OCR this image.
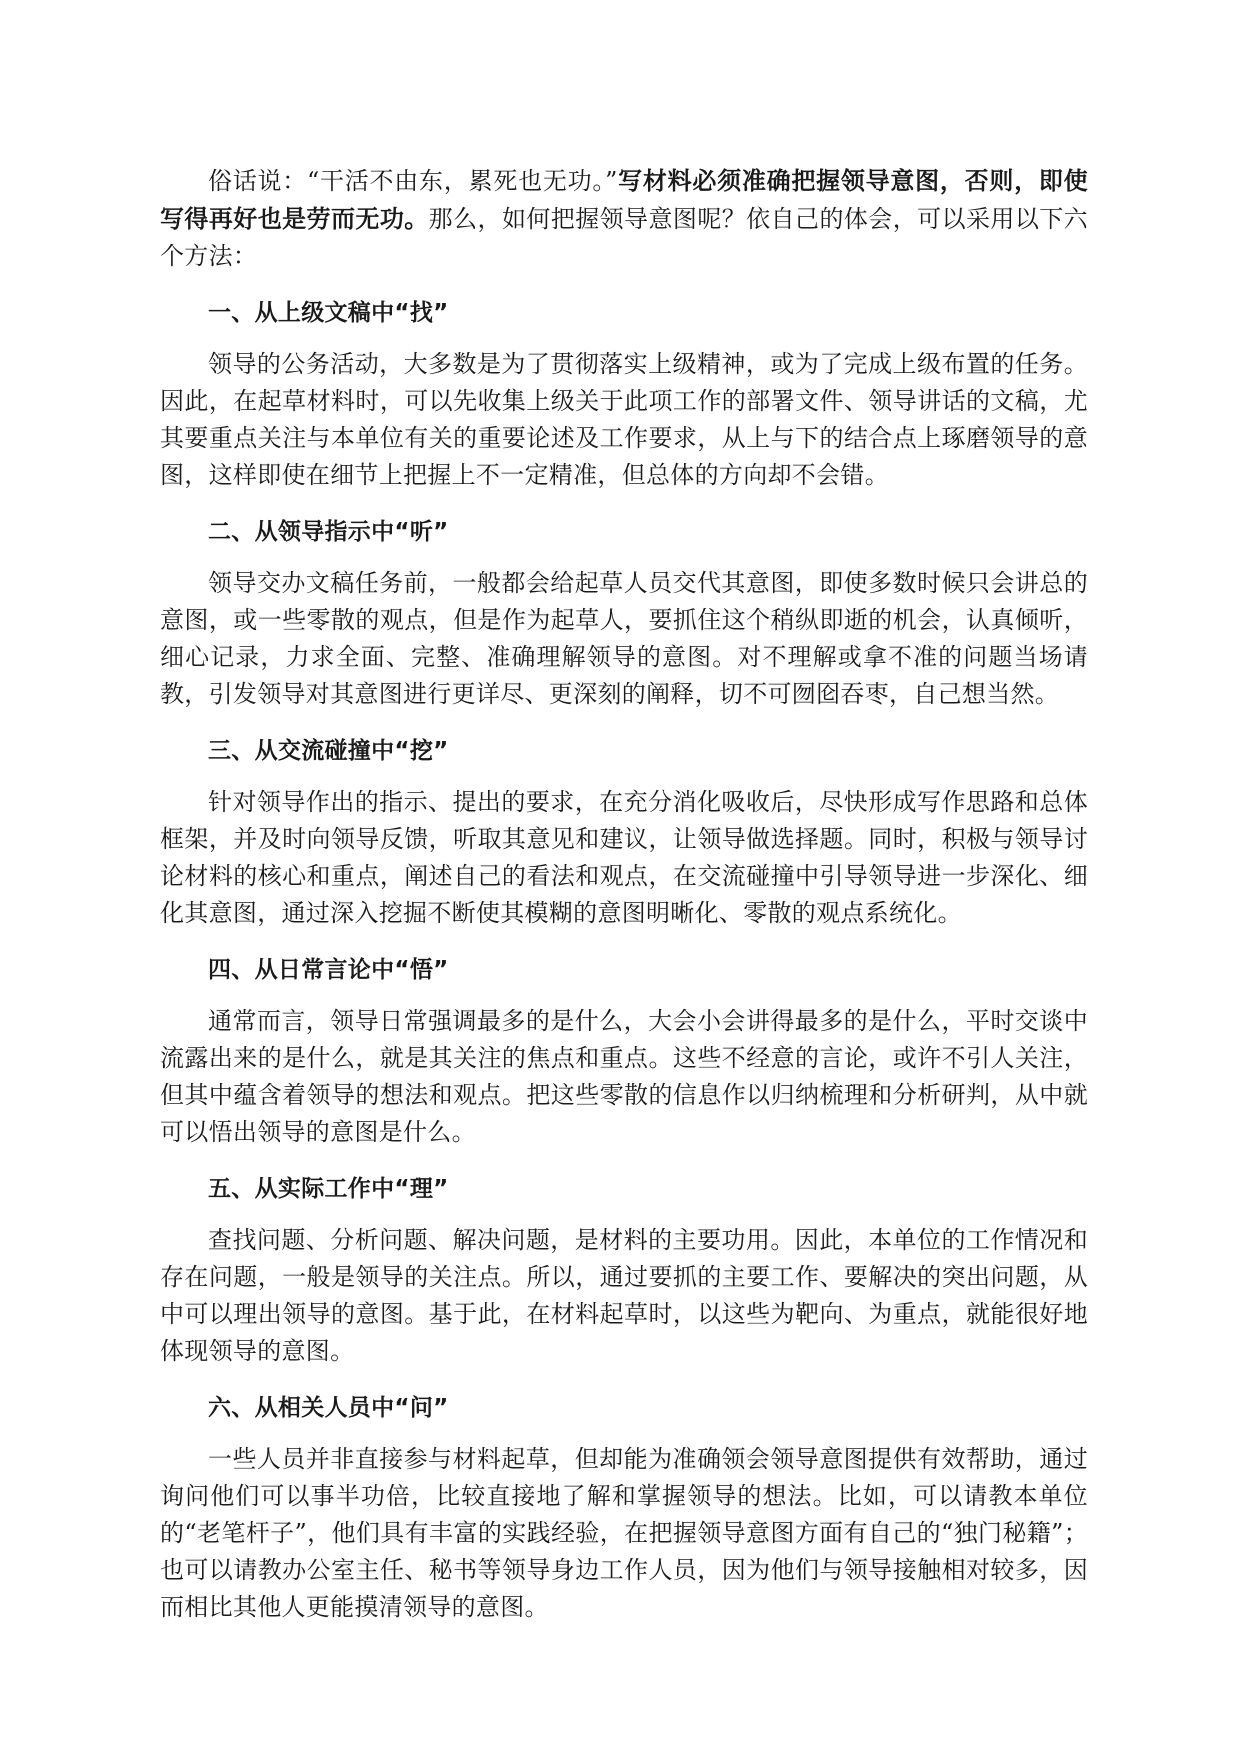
俗话说：“干活不由东，累死也无功。”写材料必须准确把握领导意图，否则，即使写得再好也是劳而无功。那么，如何把握领导意图呢？依自己的体会，可以采用以下六个方法：

一、从上级文稿中“找”

领导的公务活动，大多数是为了贯彻落实上级精神，或为了完成上级布置的任务。因此，在起草材料时，可以先收集上级关于此项工作的部署文件、领导讲话的文稿，尤其要重点关注与本单位有关的重要论述及工作要求，从上与下的结合点上琢磨领导的意图，这样即使在细节上把握上不一定精准，但总体的方向却不会错。

二、从领导指示中“听”

领导交办文稿任务前，一般都会给起草人员交代其意图，即使多数时候只会讲总的意图，或一些零散的观点，但是作为起草人，要抓住这个稍纵即逝的机会，认真倾听，细心记录，力求全面、完整、准确理解领导的意图。对不理解或拿不准的问题当场请教，引发领导对其意图进行更详尽、更深刻的阐释，切不可囫囵吞枣，自己想当然。

三、从交流碰撞中“挖”

针对领导作出的指示、提出的要求，在充分消化吸收后，尽快形成写作思路和总体框架，并及时向领导反馈，听取其意见和建议，让领导做选择题。同时，积极与领导讨论材料的核心和重点，阐述自己的看法和观点，在交流碰撞中引导领导进一步深化、细化其意图，通过深入挖掘不断使其模糊的意图明晰化、零散的观点系统化。

四、从日常言论中“悟”

通常而言，领导日常强调最多的是什么，大会小会讲得最多的是什么，平时交谈中流露出来的是什么，就是其关注的焦点和重点。这些不经意的言论，或许不引人关注，但其中蕴含着领导的想法和观点。把这些零散的信息作以归纳梳理和分析研判，从中就可以悟出领导的意图是什么。

五、从实际工作中“理”

查找问题、分析问题、解决问题，是材料的主要功用。因此，本单位的工作情况和存在问题，一般是领导的关注点。所以，通过要抓的主要工作、要解决的突出问题，从中可以理出领导的意图。基于此，在材料起草时，以这些为靶向、为重点，就能很好地体现领导的意图。

六、从相关人员中“问”

一些人员并非直接参与材料起草，但却能为准确领会领导意图提供有效帮助，通过询问他们可以事半功倍，比较直接地了解和掌握领导的想法。比如，可以请教本单位的“老笔杆子”，他们具有丰富的实践经验，在把握领导意图方面有自己的“独门秘籍”；也可以请教办公室主任、秘书等领导身边工作人员，因为他们与领导接触相对较多，因而相比其他人更能摸清领导的意图。
